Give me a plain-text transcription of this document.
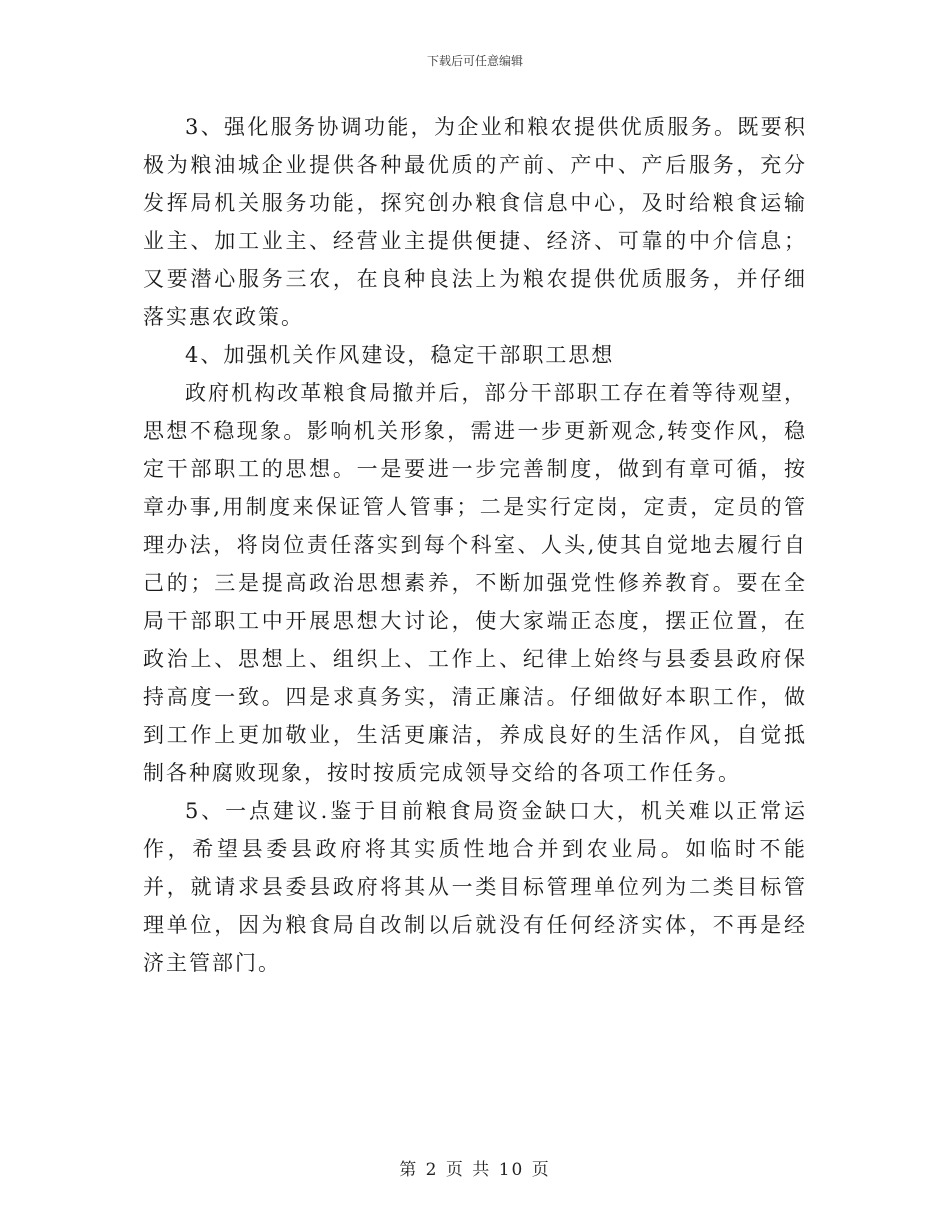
下载后可任意编辑

3、强化服务协调功能，为企业和粮农提供优质服务。既要积极为粮油城企业提供各种最优质的产前、产中、产后服务，充分发挥局机关服务功能，探究创办粮食信息中心，及时给粮食运输业主、加工业主、经营业主提供便捷、经济、可靠的中介信息；又要潜心服务三农，在良种良法上为粮农提供优质服务，并仔细落实惠农政策。

4、加强机关作风建设，稳定干部职工思想

政府机构改革粮食局撤并后，部分干部职工存在着等待观望，思想不稳现象。影响机关形象，需进一步更新观念,转变作风，稳定干部职工的思想。一是要进一步完善制度，做到有章可循，按章办事,用制度来保证管人管事；二是实行定岗，定责，定员的管理办法，将岗位责任落实到每个科室、人头,使其自觉地去履行自己的；三是提高政治思想素养，不断加强党性修养教育。要在全局干部职工中开展思想大讨论，使大家端正态度，摆正位置，在政治上、思想上、组织上、工作上、纪律上始终与县委县政府保持高度一致。四是求真务实，清正廉洁。仔细做好本职工作，做到工作上更加敬业，生活更廉洁，养成良好的生活作风，自觉抵制各种腐败现象，按时按质完成领导交给的各项工作任务。

5、一点建议.鉴于目前粮食局资金缺口大，机关难以正常运作，希望县委县政府将其实质性地合并到农业局。如临时不能并，就请求县委县政府将其从一类目标管理单位列为二类目标管理单位，因为粮食局自改制以后就没有任何经济实体，不再是经济主管部门。

第 2 页 共 10 页
